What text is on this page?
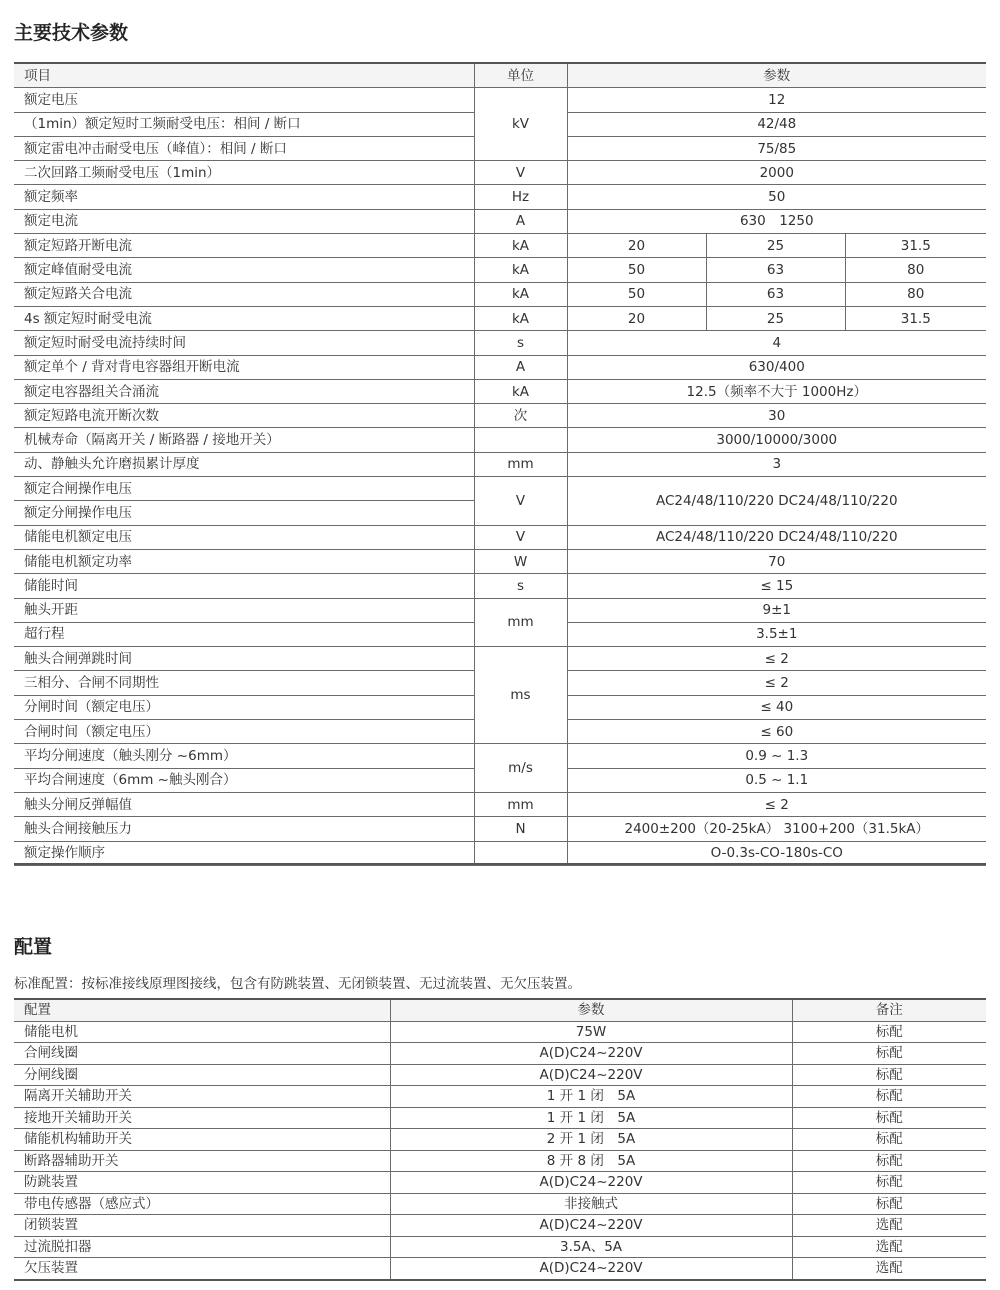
主要技术参数
项目	单位	参数		
额定电压	kV	12		
（1min）额定短时工频耐受电压：相间 / 断口		42/48		
额定雷电冲击耐受电压（峰值）：相间 / 断口		75/85		
二次回路工频耐受电压（1min）	V	2000		
额定频率	Hz	50		
额定电流	A	630　1250		
额定短路开断电流	kA	20	25	31.5
额定峰值耐受电流	kA	50	63	80
额定短路关合电流	kA	50	63	80
4s 额定短时耐受电流	kA	20	25	31.5
额定短时耐受电流持续时间	s	4		
额定单个 / 背对背电容器组开断电流	A	630/400		
额定电容器组关合涌流	kA	12.5（频率不大于 1000Hz）		
额定短路电流开断次数	次	30		
机械寿命（隔离开关 / 断路器 / 接地开关）		3000/10000/3000		
动、静触头允许磨损累计厚度	mm	3		
额定合闸操作电压	V	AC24/48/110/220 DC24/48/110/220		
额定分闸操作电压				
储能电机额定电压	V	AC24/48/110/220 DC24/48/110/220		
储能电机额定功率	W	70		
储能时间	s	≤ 15		
触头开距	mm	9±1		
超行程		3.5±1		
触头合闸弹跳时间	ms	≤ 2		
三相分、合闸不同期性		≤ 2		
分闸时间（额定电压）		≤ 40		
合闸时间（额定电压）		≤ 60		
平均分闸速度（触头刚分 ~6mm）	m/s	0.9 ~ 1.3		
平均合闸速度（6mm ~触头刚合）		0.5 ~ 1.1		
触头分闸反弹幅值	mm	≤ 2		
触头合闸接触压力	N	2400±200（20-25kA） 3100+200（31.5kA）		
额定操作顺序		O-0.3s-CO-180s-CO		
配置
标准配置：按标准接线原理图接线，包含有防跳装置、无闭锁装置、无过流装置、无欠压装置。
配置	参数	备注
储能电机	75W	标配
合闸线圈	A(D)C24~220V	标配
分闸线圈	A(D)C24~220V	标配
隔离开关辅助开关	1 开 1 闭　5A	标配
接地开关辅助开关	1 开 1 闭　5A	标配
储能机构辅助开关	2 开 1 闭　5A	标配
断路器辅助开关	8 开 8 闭　5A	标配
防跳装置	A(D)C24~220V	标配
带电传感器（感应式）	非接触式	标配
闭锁装置	A(D)C24~220V	选配
过流脱扣器	3.5A、5A	选配
欠压装置	A(D)C24~220V	选配
